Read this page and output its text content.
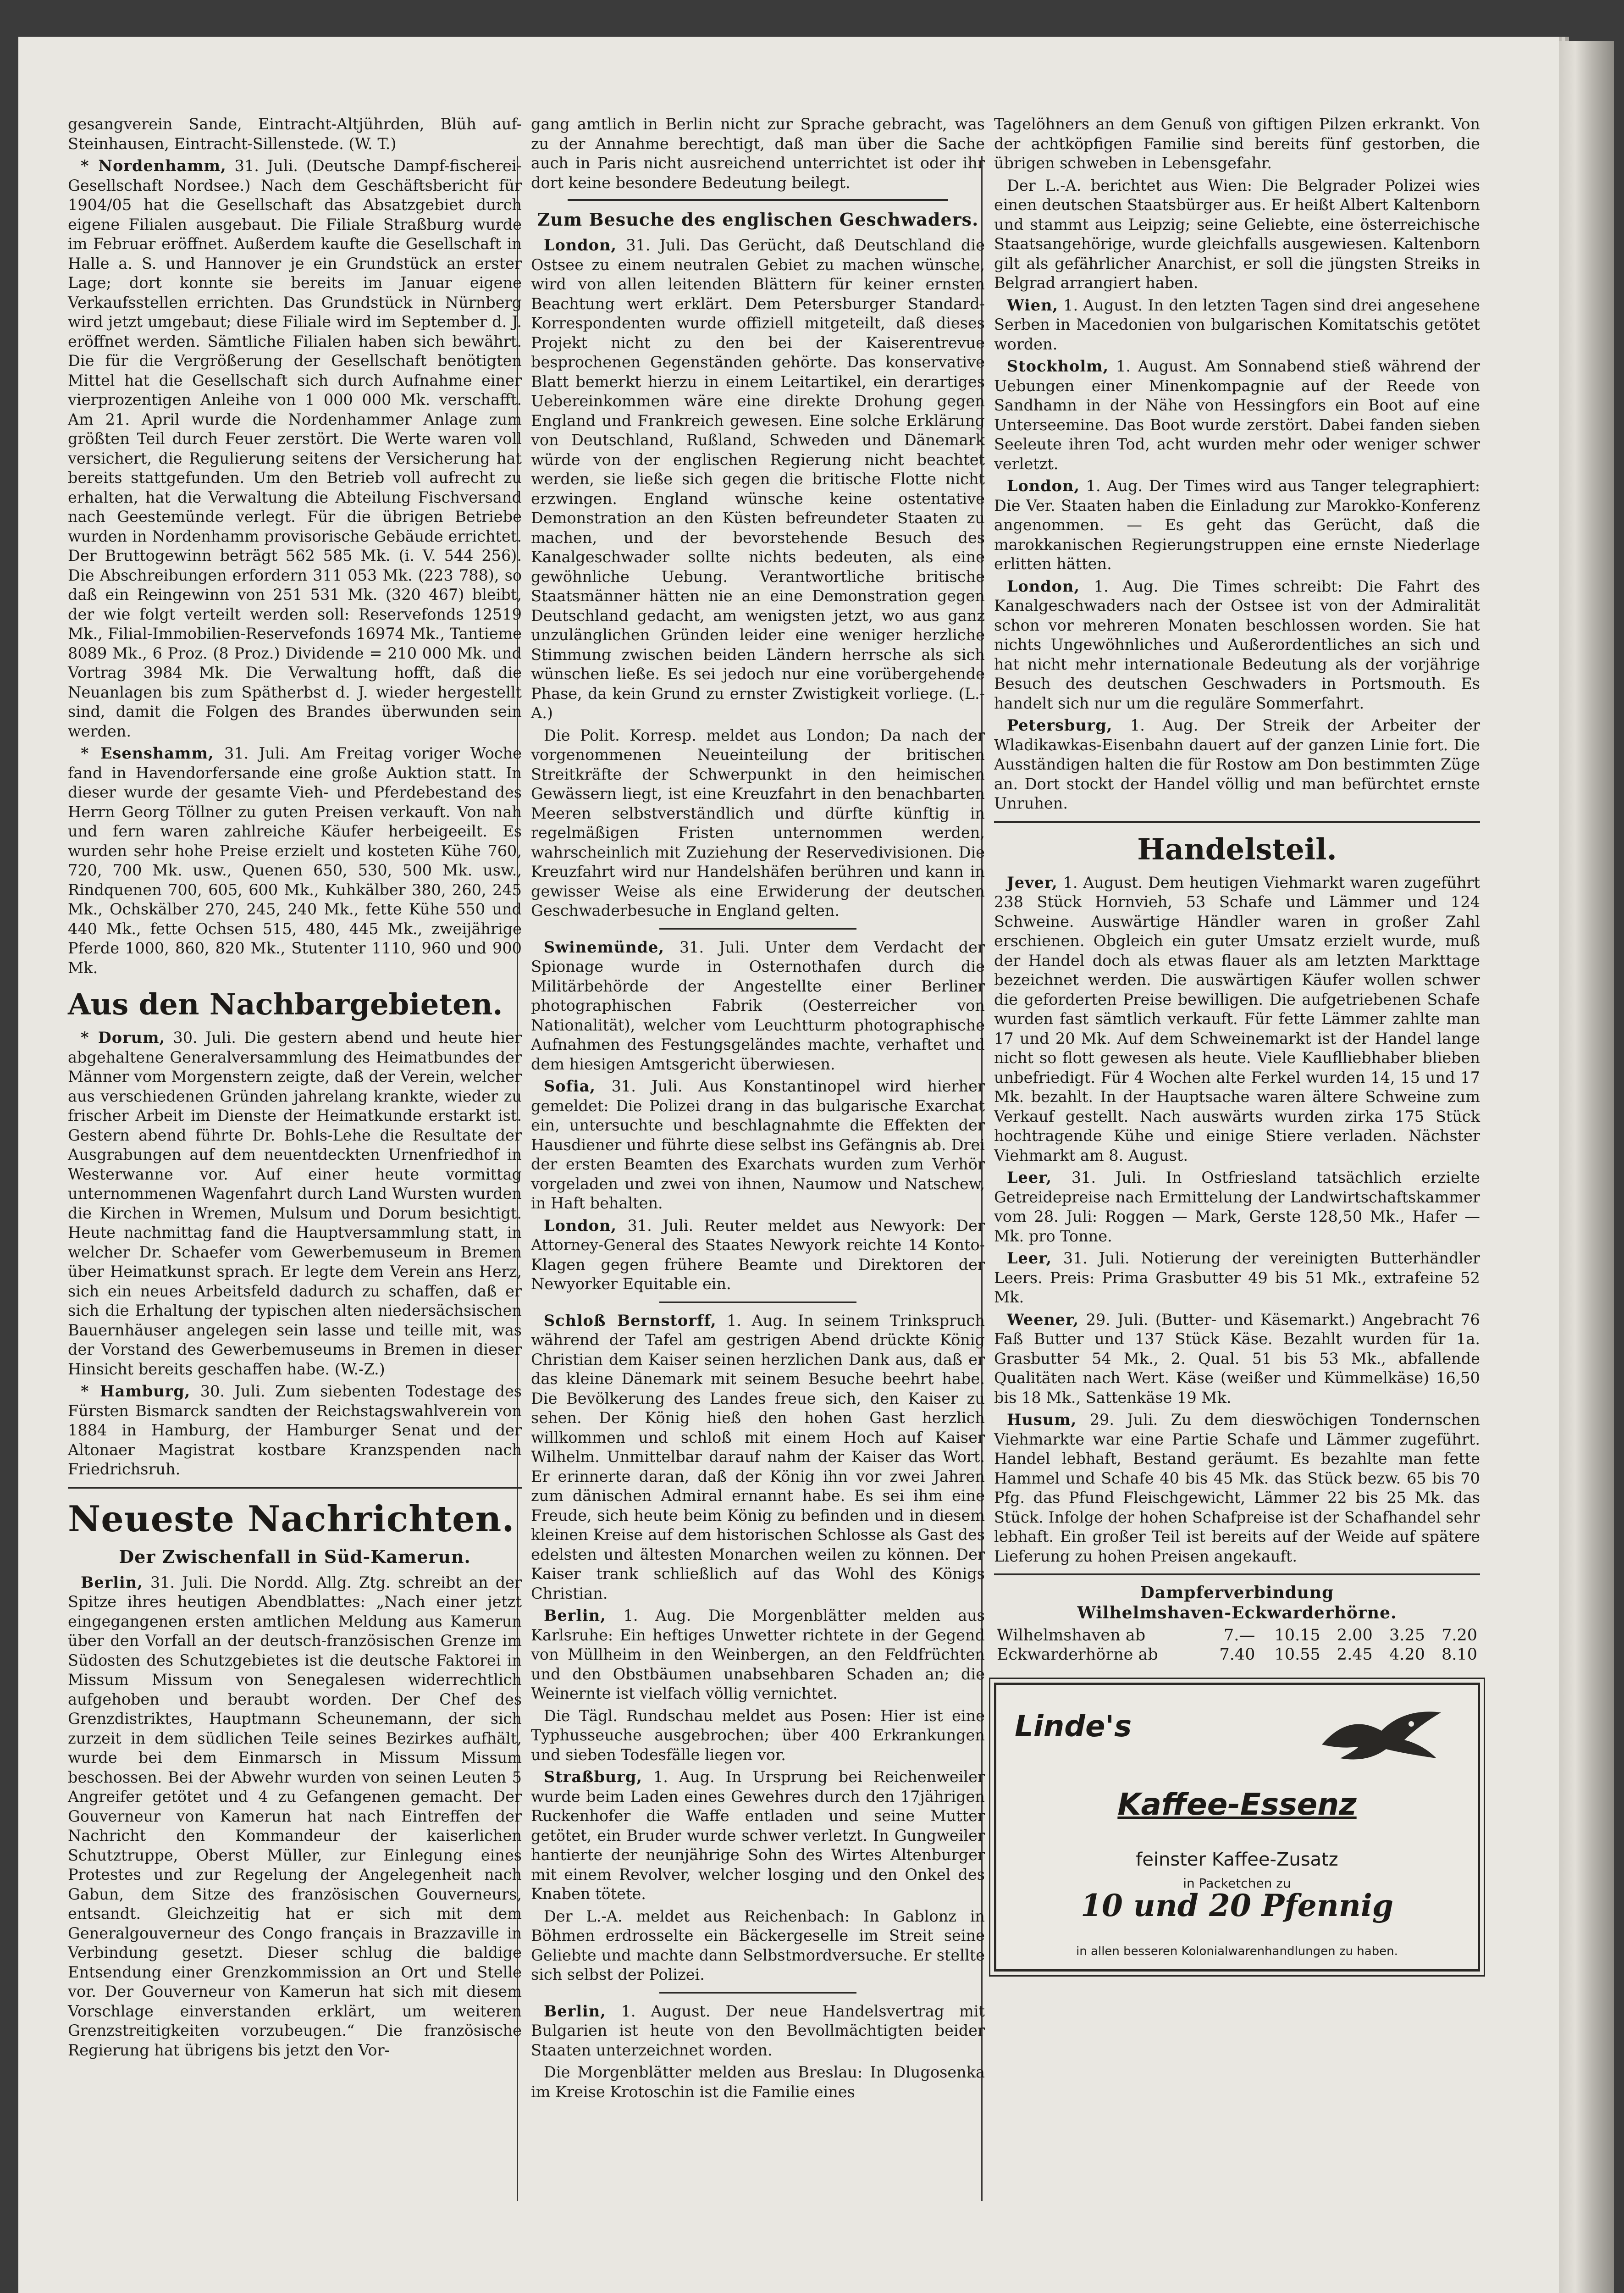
gesangverein Sande, Eintracht-Altjührden, Blüh auf-Steinhausen, Eintracht-Sillenstede. (W. T.)

* Nordenhamm, 31. Juli. (Deutsche Dampf-fischerei-Gesellschaft Nordsee.) Nach dem Geschäftsbericht für 1904/05 hat die Gesellschaft das Absatzgebiet durch eigene Filialen ausgebaut. Die Filiale Straßburg wurde im Februar eröffnet. Außerdem kaufte die Gesellschaft in Halle a. S. und Hannover je ein Grundstück an erster Lage; dort konnte sie bereits im Januar eigene Verkaufsstellen errichten. Das Grundstück in Nürnberg wird jetzt umgebaut; diese Filiale wird im September d. J. eröffnet werden. Sämtliche Filialen haben sich bewährt. Die für die Vergrößerung der Gesellschaft benötigten Mittel hat die Gesellschaft sich durch Aufnahme einer vierprozentigen Anleihe von 1 000 000 Mk. verschafft. Am 21. April wurde die Nordenhammer Anlage zum größten Teil durch Feuer zerstört. Die Werte waren voll versichert, die Regulierung seitens der Versicherung hat bereits stattgefunden. Um den Betrieb voll aufrecht zu erhalten, hat die Verwaltung die Abteilung Fischversand nach Geestemünde verlegt. Für die übrigen Betriebe wurden in Nordenhamm provisorische Gebäude errichtet. Der Bruttogewinn beträgt 562 585 Mk. (i. V. 544 256). Die Abschreibungen erfordern 311 053 Mk. (223 788), so daß ein Reingewinn von 251 531 Mk. (320 467) bleibt, der wie folgt verteilt werden soll: Reservefonds 12519 Mk., Filial-Immobilien-Reservefonds 16974 Mk., Tantieme 8089 Mk., 6 Proz. (8 Proz.) Dividende = 210 000 Mk. und Vortrag 3984 Mk. Die Verwaltung hofft, daß die Neuanlagen bis zum Spätherbst d. J. wieder hergestellt sind, damit die Folgen des Brandes überwunden sein werden.

* Esenshamm, 31. Juli. Am Freitag voriger Woche fand in Havendorfersande eine große Auktion statt. In dieser wurde der gesamte Vieh- und Pferdebestand des Herrn Georg Töllner zu guten Preisen verkauft. Von nah und fern waren zahlreiche Käufer herbeigeeilt. Es wurden sehr hohe Preise erzielt und kosteten Kühe 760, 720, 700 Mk. usw., Quenen 650, 530, 500 Mk. usw., Rindquenen 700, 605, 600 Mk., Kuhkälber 380, 260, 245 Mk., Ochskälber 270, 245, 240 Mk., fette Kühe 550 und 440 Mk., fette Ochsen 515, 480, 445 Mk., zweijährige Pferde 1000, 860, 820 Mk., Stutenter 1110, 960 und 900 Mk.

Aus den Nachbargebieten.

* Dorum, 30. Juli. Die gestern abend und heute hier abgehaltene Generalversammlung des Heimatbundes der Männer vom Morgenstern zeigte, daß der Verein, welcher aus verschiedenen Gründen jahrelang krankte, wieder zu frischer Arbeit im Dienste der Heimatkunde erstarkt ist. Gestern abend führte Dr. Bohls-Lehe die Resultate der Ausgrabungen auf dem neuentdeckten Urnenfriedhof in Westerwanne vor. Auf einer heute vormittag unternommenen Wagenfahrt durch Land Wursten wurden die Kirchen in Wremen, Mulsum und Dorum besichtigt. Heute nachmittag fand die Hauptversammlung statt, in welcher Dr. Schaefer vom Gewerbemuseum in Bremen über Heimatkunst sprach. Er legte dem Verein ans Herz, sich ein neues Arbeitsfeld dadurch zu schaffen, daß er sich die Erhaltung der typischen alten niedersächsischen Bauernhäuser angelegen sein lasse und teille mit, was der Vorstand des Gewerbemuseums in Bremen in dieser Hinsicht bereits geschaffen habe. (W.-Z.)

* Hamburg, 30. Juli. Zum siebenten Todestage des Fürsten Bismarck sandten der Reichstagswahlverein von 1884 in Hamburg, der Hamburger Senat und der Altonaer Magistrat kostbare Kranzspenden nach Friedrichsruh.

Neueste Nachrichten.
Der Zwischenfall in Süd-Kamerun.

Berlin, 31. Juli. Die Nordd. Allg. Ztg. schreibt an der Spitze ihres heutigen Abendblattes: „Nach einer jetzt eingegangenen ersten amtlichen Meldung aus Kamerun über den Vorfall an der deutsch-französischen Grenze im Südosten des Schutzgebietes ist die deutsche Faktorei in Missum Missum von Senegalesen widerrechtlich aufgehoben und beraubt worden. Der Chef des Grenzdistriktes, Hauptmann Scheunemann, der sich zurzeit in dem südlichen Teile seines Bezirkes aufhält, wurde bei dem Einmarsch in Missum Missum beschossen. Bei der Abwehr wurden von seinen Leuten 5 Angreifer getötet und 4 zu Gefangenen gemacht. Der Gouverneur von Kamerun hat nach Eintreffen der Nachricht den Kommandeur der kaiserlichen Schutztruppe, Oberst Müller, zur Einlegung eines Protestes und zur Regelung der Angelegenheit nach Gabun, dem Sitze des französischen Gouverneurs, entsandt. Gleichzeitig hat er sich mit dem Generalgouverneur des Congo français in Brazzaville in Verbindung gesetzt. Dieser schlug die baldige Entsendung einer Grenzkommission an Ort und Stelle vor. Der Gouverneur von Kamerun hat sich mit diesem Vorschlage einverstanden erklärt, um weiteren Grenzstreitigkeiten vorzubeugen.“ Die französische Regierung hat übrigens bis jetzt den Vor-

gang amtlich in Berlin nicht zur Sprache gebracht, was zu der Annahme berechtigt, daß man über die Sache auch in Paris nicht ausreichend unterrichtet ist oder ihr dort keine besondere Bedeutung beilegt.

Zum Besuche des englischen Geschwaders.

London, 31. Juli. Das Gerücht, daß Deutschland die Ostsee zu einem neutralen Gebiet zu machen wünsche, wird von allen leitenden Blättern für keiner ernsten Beachtung wert erklärt. Dem Petersburger Standard-Korrespondenten wurde offiziell mitgeteilt, daß dieses Projekt nicht zu den bei der Kaiserentrevue besprochenen Gegenständen gehörte. Das konservative Blatt bemerkt hierzu in einem Leitartikel, ein derartiges Uebereinkommen wäre eine direkte Drohung gegen England und Frankreich gewesen. Eine solche Erklärung von Deutschland, Rußland, Schweden und Dänemark würde von der englischen Regierung nicht beachtet werden, sie ließe sich gegen die britische Flotte nicht erzwingen. England wünsche keine ostentative Demonstration an den Küsten befreundeter Staaten zu machen, und der bevorstehende Besuch des Kanalgeschwader sollte nichts bedeuten, als eine gewöhnliche Uebung. Verantwortliche britische Staatsmänner hätten nie an eine Demonstration gegen Deutschland gedacht, am wenigsten jetzt, wo aus ganz unzulänglichen Gründen leider eine weniger herzliche Stimmung zwischen beiden Ländern herrsche als sich wünschen ließe. Es sei jedoch nur eine vorübergehende Phase, da kein Grund zu ernster Zwistigkeit vorliege. (L.-A.)

Die Polit. Korresp. meldet aus London; Da nach der vorgenommenen Neueinteilung der britischen Streitkräfte der Schwerpunkt in den heimischen Gewässern liegt, ist eine Kreuzfahrt in den benachbarten Meeren selbstverständlich und dürfte künftig in regelmäßigen Fristen unternommen werden, wahrscheinlich mit Zuziehung der Reservedivisionen. Die Kreuzfahrt wird nur Handelshäfen berühren und kann in gewisser Weise als eine Erwiderung der deutschen Geschwaderbesuche in England gelten.

Swinemünde, 31. Juli. Unter dem Verdacht der Spionage wurde in Osternothafen durch die Militärbehörde der Angestellte einer Berliner photographischen Fabrik (Oesterreicher von Nationalität), welcher vom Leuchtturm photographische Aufnahmen des Festungsgeländes machte, verhaftet und dem hiesigen Amtsgericht überwiesen.

Sofia, 31. Juli. Aus Konstantinopel wird hierher gemeldet: Die Polizei drang in das bulgarische Exarchat ein, untersuchte und beschlagnahmte die Effekten der Hausdiener und führte diese selbst ins Gefängnis ab. Drei der ersten Beamten des Exarchats wurden zum Verhör vorgeladen und zwei von ihnen, Naumow und Natschew, in Haft behalten.

London, 31. Juli. Reuter meldet aus Newyork: Der Attorney-General des Staates Newyork reichte 14 Konto-Klagen gegen frühere Beamte und Direktoren der Newyorker Equitable ein.

Schloß Bernstorff, 1. Aug. In seinem Trinkspruch während der Tafel am gestrigen Abend drückte König Christian dem Kaiser seinen herzlichen Dank aus, daß er das kleine Dänemark mit seinem Besuche beehrt habe. Die Bevölkerung des Landes freue sich, den Kaiser zu sehen. Der König hieß den hohen Gast herzlich willkommen und schloß mit einem Hoch auf Kaiser Wilhelm. Unmittelbar darauf nahm der Kaiser das Wort. Er erinnerte daran, daß der König ihn vor zwei Jahren zum dänischen Admiral ernannt habe. Es sei ihm eine Freude, sich heute beim König zu befinden und in diesem kleinen Kreise auf dem historischen Schlosse als Gast des edelsten und ältesten Monarchen weilen zu können. Der Kaiser trank schließlich auf das Wohl des Königs Christian.

Berlin, 1. Aug. Die Morgenblätter melden aus Karlsruhe: Ein heftiges Unwetter richtete in der Gegend von Müllheim in den Weinbergen, an den Feldfrüchten und den Obstbäumen unabsehbaren Schaden an; die Weinernte ist vielfach völlig vernichtet.

Die Tägl. Rundschau meldet aus Posen: Hier ist eine Typhusseuche ausgebrochen; über 400 Erkrankungen und sieben Todesfälle liegen vor.

Straßburg, 1. Aug. In Ursprung bei Reichenweiler wurde beim Laden eines Gewehres durch den 17jährigen Ruckenhofer die Waffe entladen und seine Mutter getötet, ein Bruder wurde schwer verletzt. In Gungweiler hantierte der neunjährige Sohn des Wirtes Altenburger mit einem Revolver, welcher losging und den Onkel des Knaben tötete.

Der L.-A. meldet aus Reichenbach: In Gablonz in Böhmen erdrosselte ein Bäckergeselle im Streit seine Geliebte und machte dann Selbstmordversuche. Er stellte sich selbst der Polizei.

Berlin, 1. August. Der neue Handelsvertrag mit Bulgarien ist heute von den Bevollmächtigten beider Staaten unterzeichnet worden.

Die Morgenblätter melden aus Breslau: In Dlugosenka im Kreise Krotoschin ist die Familie eines

Tagelöhners an dem Genuß von giftigen Pilzen erkrankt. Von der achtköpfigen Familie sind bereits fünf gestorben, die übrigen schweben in Lebensgefahr.

Der L.-A. berichtet aus Wien: Die Belgrader Polizei wies einen deutschen Staatsbürger aus. Er heißt Albert Kaltenborn und stammt aus Leipzig; seine Geliebte, eine österreichische Staatsangehörige, wurde gleichfalls ausgewiesen. Kaltenborn gilt als gefährlicher Anarchist, er soll die jüngsten Streiks in Belgrad arrangiert haben.

Wien, 1. August. In den letzten Tagen sind drei angesehene Serben in Macedonien von bulgarischen Komitatschis getötet worden.

Stockholm, 1. August. Am Sonnabend stieß während der Uebungen einer Minenkompagnie auf der Reede von Sandhamn in der Nähe von Hessingfors ein Boot auf eine Unterseemine. Das Boot wurde zerstört. Dabei fanden sieben Seeleute ihren Tod, acht wurden mehr oder weniger schwer verletzt.

London, 1. Aug. Der Times wird aus Tanger telegraphiert: Die Ver. Staaten haben die Einladung zur Marokko-Konferenz angenommen. — Es geht das Gerücht, daß die marokkanischen Regierungstruppen eine ernste Niederlage erlitten hätten.

London, 1. Aug. Die Times schreibt: Die Fahrt des Kanalgeschwaders nach der Ostsee ist von der Admiralität schon vor mehreren Monaten beschlossen worden. Sie hat nichts Ungewöhnliches und Außerordentliches an sich und hat nicht mehr internationale Bedeutung als der vorjährige Besuch des deutschen Geschwaders in Portsmouth. Es handelt sich nur um die reguläre Sommerfahrt.

Petersburg, 1. Aug. Der Streik der Arbeiter der Wladikawkas-Eisenbahn dauert auf der ganzen Linie fort. Die Ausständigen halten die für Rostow am Don bestimmten Züge an. Dort stockt der Handel völlig und man befürchtet ernste Unruhen.

Handelsteil.

Jever, 1. August. Dem heutigen Viehmarkt waren zugeführt 238 Stück Hornvieh, 53 Schafe und Lämmer und 124 Schweine. Auswärtige Händler waren in großer Zahl erschienen. Obgleich ein guter Umsatz erzielt wurde, muß der Handel doch als etwas flauer als am letzten Markttage bezeichnet werden. Die auswärtigen Käufer wollen schwer die geforderten Preise bewilligen. Die aufgetriebenen Schafe wurden fast sämtlich verkauft. Für fette Lämmer zahlte man 17 und 20 Mk. Auf dem Schweinemarkt ist der Handel lange nicht so flott gewesen als heute. Viele Kauflliebhaber blieben unbefriedigt. Für 4 Wochen alte Ferkel wurden 14, 15 und 17 Mk. bezahlt. In der Hauptsache waren ältere Schweine zum Verkauf gestellt. Nach auswärts wurden zirka 175 Stück hochtragende Kühe und einige Stiere verladen. Nächster Viehmarkt am 8. August.

Leer, 31. Juli. In Ostfriesland tatsächlich erzielte Getreidepreise nach Ermittelung der Landwirtschaftskammer vom 28. Juli: Roggen — Mark, Gerste 128,50 Mk., Hafer — Mk. pro Tonne.

Leer, 31. Juli. Notierung der vereinigten Butterhändler Leers. Preis: Prima Grasbutter 49 bis 51 Mk., extrafeine 52 Mk.

Weener, 29. Juli. (Butter- und Käsemarkt.) Angebracht 76 Faß Butter und 137 Stück Käse. Bezahlt wurden für 1a. Grasbutter 54 Mk., 2. Qual. 51 bis 53 Mk., abfallende Qualitäten nach Wert. Käse (weißer und Kümmelkäse) 16,50 bis 18 Mk., Sattenkäse 19 Mk.

Husum, 29. Juli. Zu dem dieswöchigen Tondernschen Viehmarkte war eine Partie Schafe und Lämmer zugeführt. Handel lebhaft, Bestand geräumt. Es bezahlte man fette Hammel und Schafe 40 bis 45 Mk. das Stück bezw. 65 bis 70 Pfg. das Pfund Fleischgewicht, Lämmer 22 bis 25 Mk. das Stück. Infolge der hohen Schafpreise ist der Schafhandel sehr lebhaft. Ein großer Teil ist bereits auf der Weide auf spätere Lieferung zu hohen Preisen angekauft.

Dampferverbindung
Wilhelmshaven-Eckwarderhörne.
Wilhelmshaven ab	7.—	10.15	2.00	3.25	7.20
Eckwarderhörne ab	7.40	10.55	2.45	4.20	8.10
Linde's
Kaffee-Essenz
feinster Kaffee-Zusatz
in Packetchen zu
10 und 20 Pfennig
in allen besseren Kolonialwarenhandlungen zu haben.
